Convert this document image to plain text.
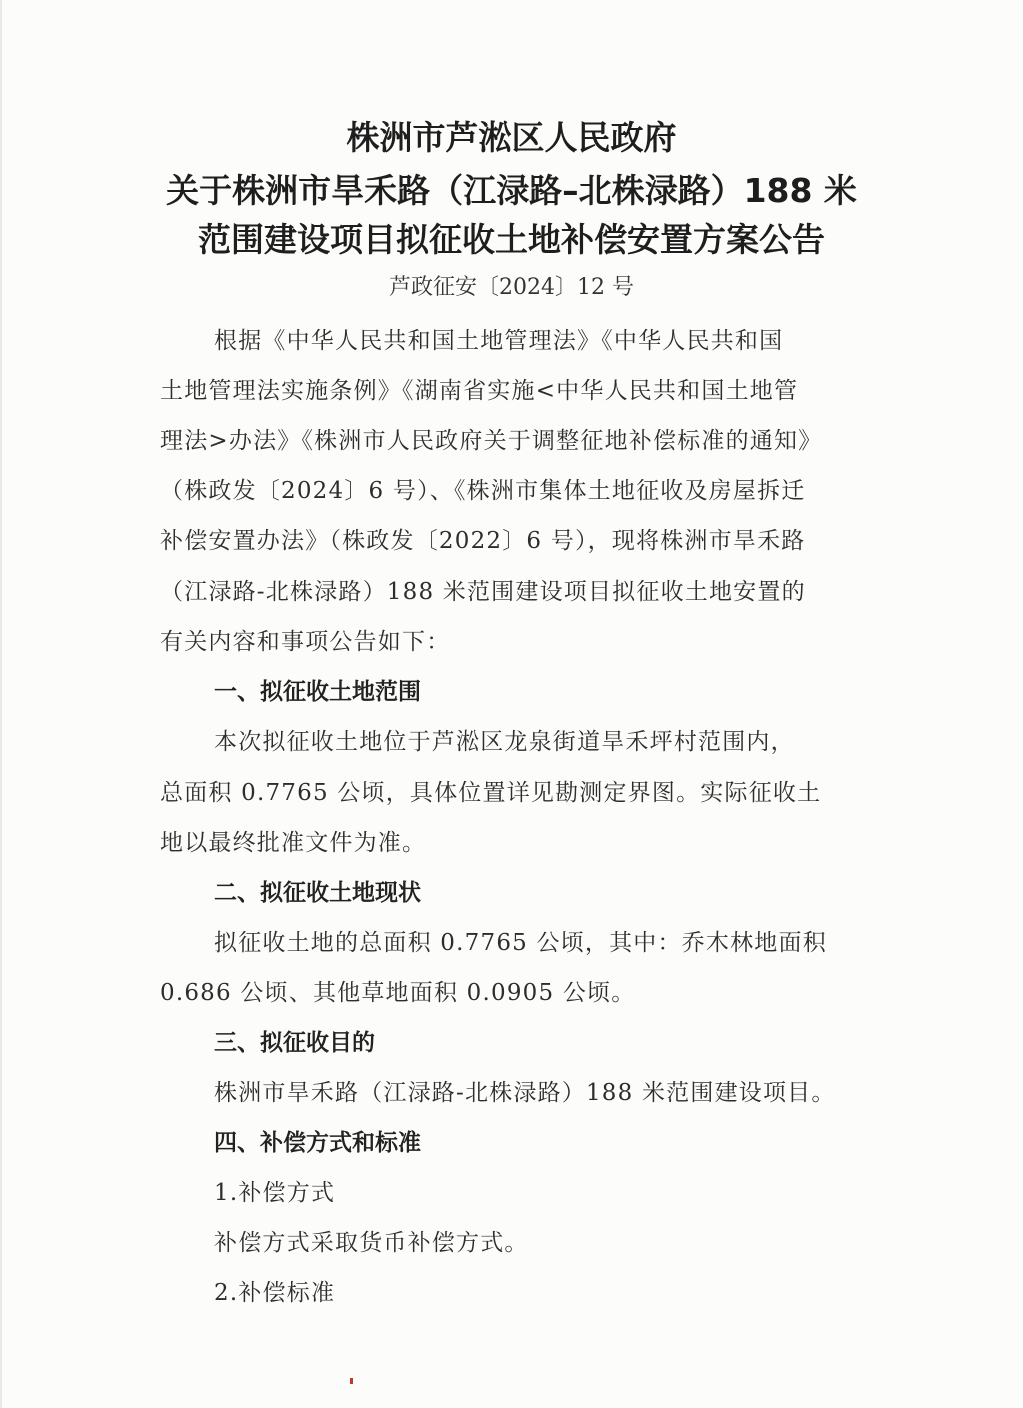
株洲市芦淞区人民政府
关于株洲市旱禾路（江渌路–北株渌路）188 米
范围建设项目拟征收土地补偿安置方案公告
芦政征安〔2024〕12 号
根据《中华人民共和国土地管理法》《中华人民共和国
土地管理法实施条例》《湖南省实施<中华人民共和国土地管
理法>办法》《株洲市人民政府关于调整征地补偿标准的通知》
（株政发〔2024〕6 号）、《株洲市集体土地征收及房屋拆迁
补偿安置办法》（株政发〔2022〕6 号），现将株洲市旱禾路
（江渌路-北株渌路）188 米范围建设项目拟征收土地安置的
有关内容和事项公告如下：
一、拟征收土地范围
本次拟征收土地位于芦淞区龙泉街道旱禾坪村范围内，
总面积 0.7765 公顷，具体位置详见勘测定界图。实际征收土
地以最终批准文件为准。
二、拟征收土地现状
拟征收土地的总面积 0.7765 公顷，其中：乔木林地面积
0.686 公顷、其他草地面积 0.0905 公顷。
三、拟征收目的
株洲市旱禾路（江渌路-北株渌路）188 米范围建设项目。
四、补偿方式和标准
1.补偿方式
补偿方式采取货币补偿方式。
2.补偿标准
